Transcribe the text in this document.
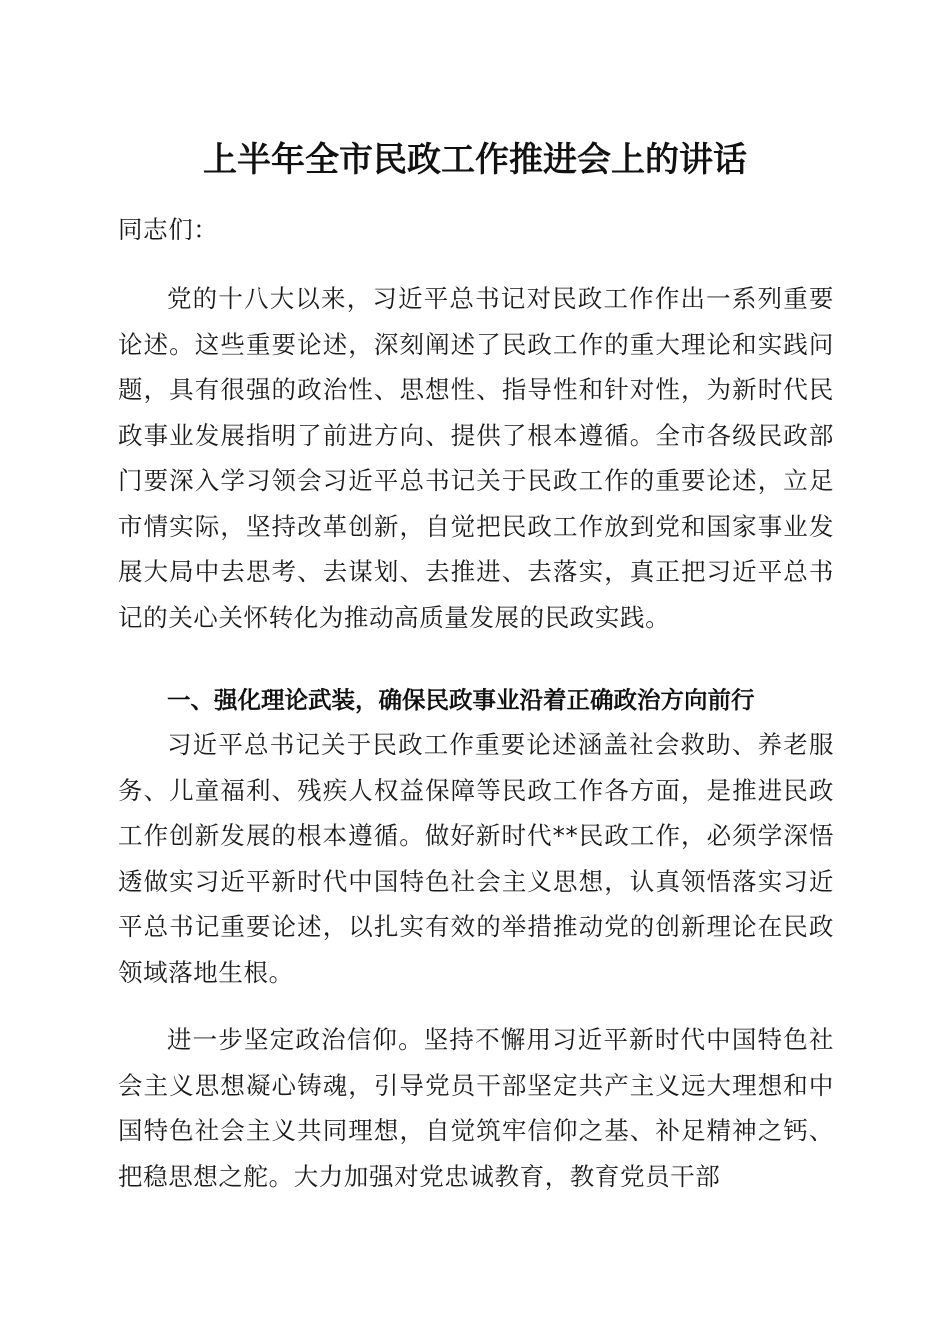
上半年全市民政工作推进会上的讲话

同志们：

党的十八大以来，习近平总书记对民政工作作出一系列重要论述。这些重要论述，深刻阐述了民政工作的重大理论和实践问题，具有很强的政治性、思想性、指导性和针对性，为新时代民政事业发展指明了前进方向、提供了根本遵循。全市各级民政部门要深入学习领会习近平总书记关于民政工作的重要论述，立足市情实际，坚持改革创新，自觉把民政工作放到党和国家事业发展大局中去思考、去谋划、去推进、去落实，真正把习近平总书记的关心关怀转化为推动高质量发展的民政实践。

一、强化理论武装，确保民政事业沿着正确政治方向前行

习近平总书记关于民政工作重要论述涵盖社会救助、养老服务、儿童福利、残疾人权益保障等民政工作各方面，是推进民政工作创新发展的根本遵循。做好新时代**民政工作，必须学深悟透做实习近平新时代中国特色社会主义思想，认真领悟落实习近平总书记重要论述，以扎实有效的举措推动党的创新理论在民政领域落地生根。

进一步坚定政治信仰。坚持不懈用习近平新时代中国特色社会主义思想凝心铸魂，引导党员干部坚定共产主义远大理想和中国特色社会主义共同理想，自觉筑牢信仰之基、补足精神之钙、把稳思想之舵。大力加强对党忠诚教育，教育党员干部
